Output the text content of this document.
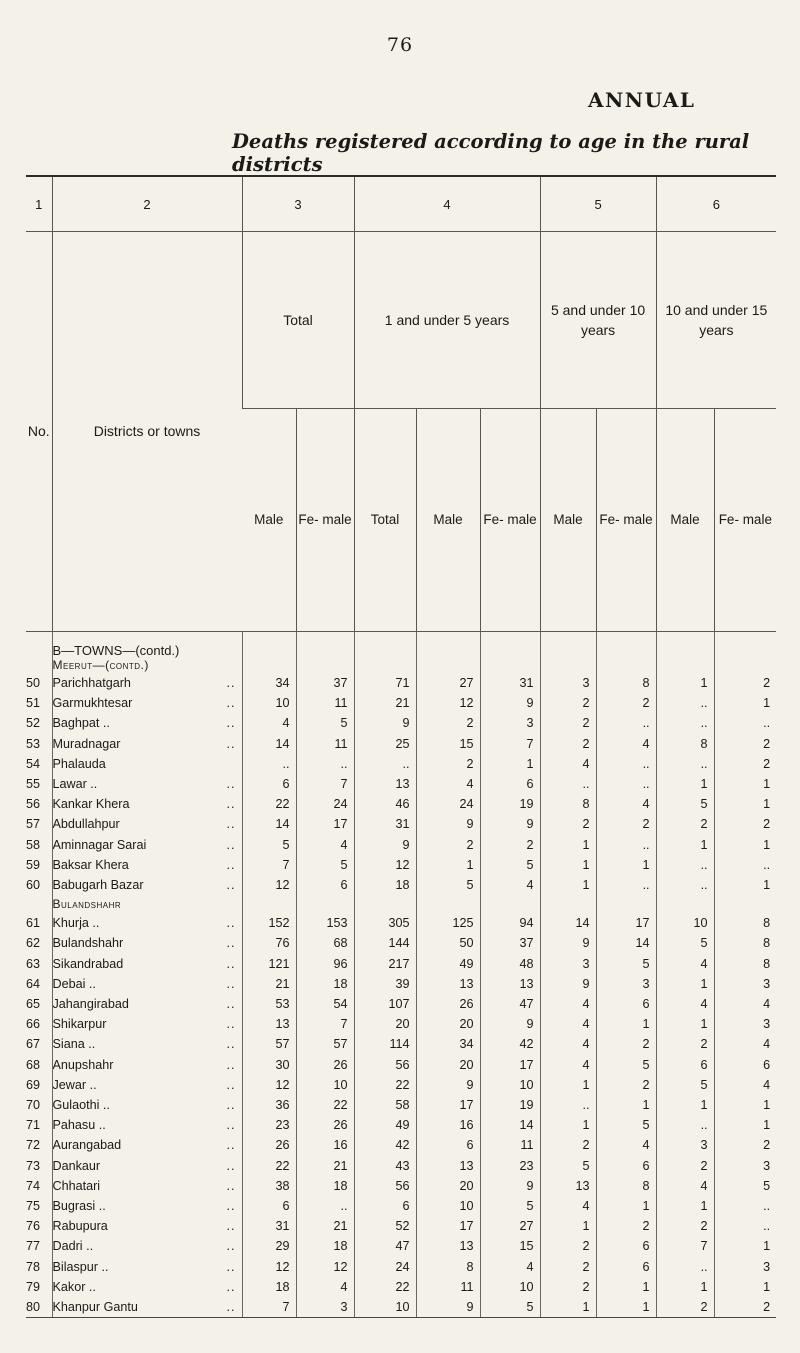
76
ANNUAL
Deaths registered according to age in the rural districts
1	2	3		4			5		6	
No.	Districts or towns	Total		1 and under 5 years			5 and under 10 years		10 and under 15 years	
		Male	Fe- male	Total	Male	Fe- male	Male	Fe- male	Male	Fe- male

	B—TOWNS—(contd.)
Meerut—(contd.)									

50	Parichhatgarh ..	34	37	71	27	31	3	8	1	2
51	Garmukhtesar ..	10	11	21	12	9	2	2	..	1
52	Baghpat .. ..	4	5	9	2	3	2	..	..	..
53	Muradnagar ..	14	11	25	15	7	2	4	8	2
54	Phalauda	..	..	..	2	1	4	..	..	2
55	Lawar .. ..	6	7	13	4	6	..	..	1	1
56	Kankar Khera ..	22	24	46	24	19	8	4	5	1
57	Abdullahpur ..	14	17	31	9	9	2	2	2	2
58	Aminnagar Sarai ..	5	4	9	2	2	1	..	1	1
59	Baksar Khera ..	7	5	12	1	5	1	1	..	..
60	Babugarh Bazar ..	12	6	18	5	4	1	..	..	1
	Bulandshahr									
61	Khurja .. ..	152	153	305	125	94	14	17	10	8
62	Bulandshahr ..	76	68	144	50	37	9	14	5	8
63	Sikandrabad ..	121	96	217	49	48	3	5	4	8
64	Debai .. ..	21	18	39	13	13	9	3	1	3
65	Jahangirabad ..	53	54	107	26	47	4	6	4	4
66	Shikarpur ..	13	7	20	20	9	4	1	1	3
67	Siana .. ..	57	57	114	34	42	4	2	2	4
68	Anupshahr ..	30	26	56	20	17	4	5	6	6
69	Jewar .. ..	12	10	22	9	10	1	2	5	4
70	Gulaothi .. ..	36	22	58	17	19	..	1	1	1
71	Pahasu .. ..	23	26	49	16	14	1	5	..	1
72	Aurangabad ..	26	16	42	6	11	2	4	3	2
73	Dankaur ..	22	21	43	13	23	5	6	2	3
74	Chhatari ..	38	18	56	20	9	13	8	4	5
75	Bugrasi .. ..	6	..	6	10	5	4	1	1	..
76	Rabupura ..	31	21	52	17	27	1	2	2	..
77	Dadri .. ..	29	18	47	13	15	2	6	7	1
78	Bilaspur .. ..	12	12	24	8	4	2	6	..	3
79	Kakor .. ..	18	4	22	11	10	2	1	1	1
80	Khanpur Gantu ..	7	3	10	9	5	1	1	2	2
